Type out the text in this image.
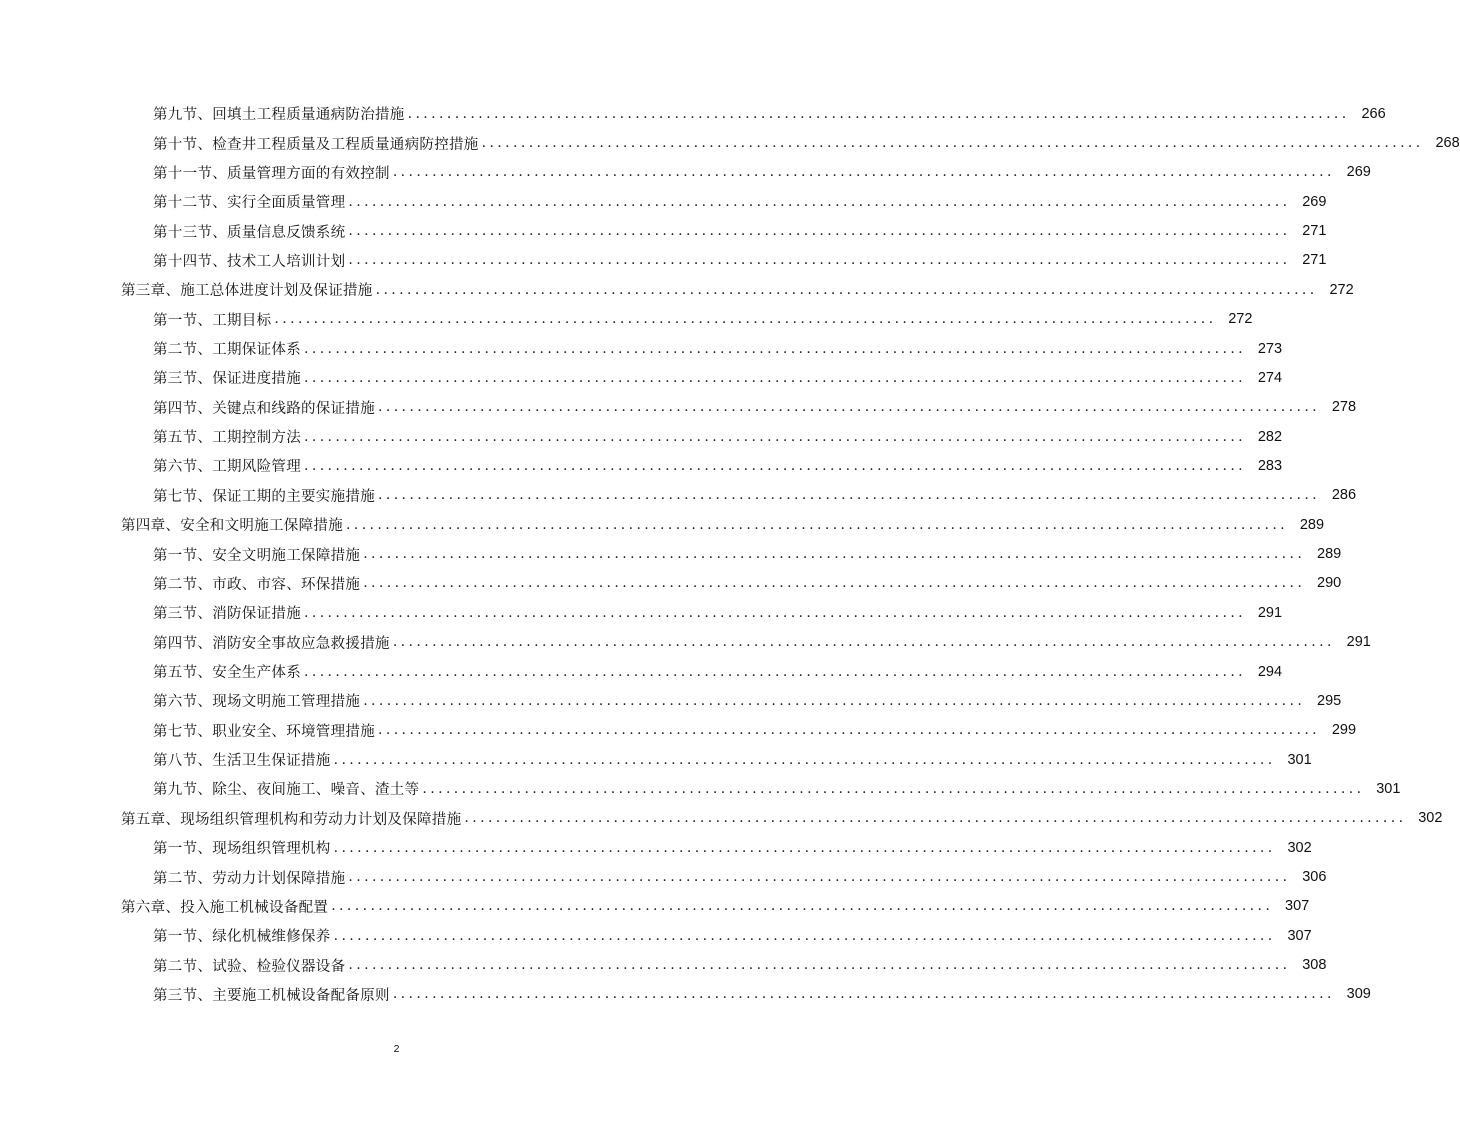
第九节、回填土工程质量通病防治措施 ........................................................................................................................ 266
第十节、检查井工程质量及工程质量通病防控措施 ........................................................................................................................ 268
第十一节、质量管理方面的有效控制 ........................................................................................................................ 269
第十二节、实行全面质量管理 ........................................................................................................................ 269
第十三节、质量信息反馈系统 ........................................................................................................................ 271
第十四节、技术工人培训计划 ........................................................................................................................ 271
第三章、施工总体进度计划及保证措施 ........................................................................................................................ 272
第一节、工期目标 ........................................................................................................................ 272
第二节、工期保证体系 ........................................................................................................................ 273
第三节、保证进度措施 ........................................................................................................................ 274
第四节、关键点和线路的保证措施 ........................................................................................................................ 278
第五节、工期控制方法 ........................................................................................................................ 282
第六节、工期风险管理 ........................................................................................................................ 283
第七节、保证工期的主要实施措施 ........................................................................................................................ 286
第四章、安全和文明施工保障措施 ........................................................................................................................ 289
第一节、安全文明施工保障措施 ........................................................................................................................ 289
第二节、市政、市容、环保措施 ........................................................................................................................ 290
第三节、消防保证措施 ........................................................................................................................ 291
第四节、消防安全事故应急救援措施 ........................................................................................................................ 291
第五节、安全生产体系 ........................................................................................................................ 294
第六节、现场文明施工管理措施 ........................................................................................................................ 295
第七节、职业安全、环境管理措施 ........................................................................................................................ 299
第八节、生活卫生保证措施 ........................................................................................................................ 301
第九节、除尘、夜间施工、噪音、渣土等 ........................................................................................................................ 301
第五章、现场组织管理机构和劳动力计划及保障措施 ........................................................................................................................ 302
第一节、现场组织管理机构 ........................................................................................................................ 302
第二节、劳动力计划保障措施 ........................................................................................................................ 306
第六章、投入施工机械设备配置 ........................................................................................................................ 307
第一节、绿化机械维修保养 ........................................................................................................................ 307
第二节、试验、检验仪器设备 ........................................................................................................................ 308
第三节、主要施工机械设备配备原则 ........................................................................................................................ 309
2
